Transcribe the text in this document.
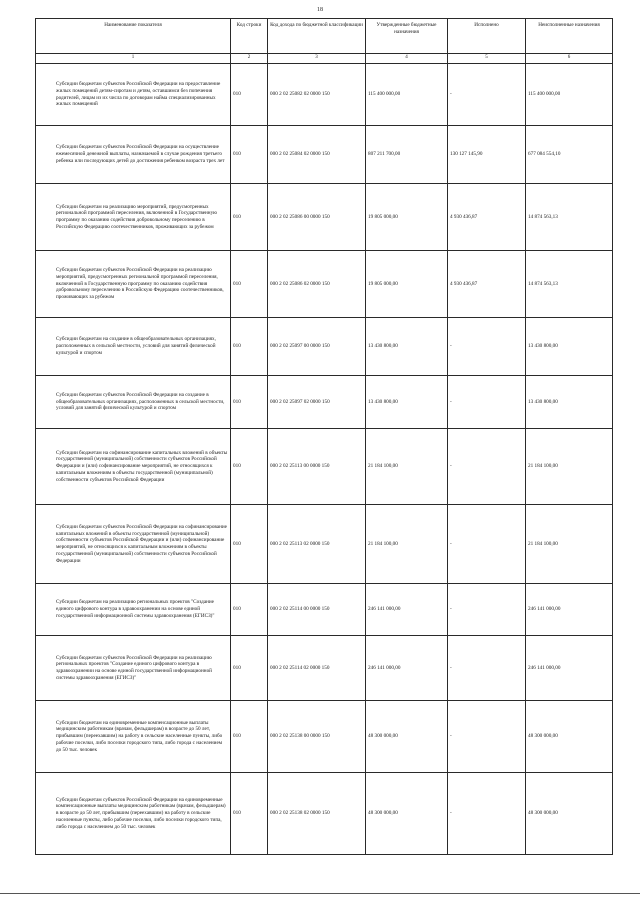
18
Наименование показателя	Код строки	Код дохода по бюджетной классификации	Утвержденные бюджетные назначения	Исполнено	Неисполненные назначения
1	2	3	4	5	6

Субсидии бюджетам субъектов Российской Федерации на предоставление жилых помещений детям-сиротам и детям, оставшимся без попечения родителей, лицам из их числа по договорам найма специализированных жилых помещений	010	000 2 02 25082 02 0000 150	115 400 000,00	-	115 400 000,00

Субсидии бюджетам субъектов Российской Федерации на осуществление ежемесячной денежной выплаты, назначаемой в случае рождения третьего ребенка или последующих детей до достижения ребенком возраста трех лет	010	000 2 02 25084 02 0000 150	807 211 700,00	130 127 145,90	677 084 554,10

Субсидии бюджетам на реализацию мероприятий, предусмотренных региональной программой переселения, включенной в Государственную программу по оказанию содействия добровольному переселению в Российскую Федерацию соотечественников, проживающих за рубежом	010	000 2 02 25086 00 0000 150	19 805 000,00	4 930 436,87	14 874 563,13

Субсидии бюджетам субъектов Российской Федерации на реализацию мероприятий, предусмотренных региональной программой переселения, включенной в Государственную программу по оказанию содействия добровольному переселению в Российскую Федерацию соотечественников, проживающих за рубежом	010	000 2 02 25086 02 0000 150	19 805 000,00	4 930 436,87	14 874 563,13

Субсидии бюджетам на создание в общеобразовательных организациях, расположенных в сельской местности, условий для занятий физической культурой и спортом	010	000 2 02 25097 00 0000 150	13 430 800,00	-	13 430 800,00

Субсидии бюджетам субъектов Российской Федерации на создание в общеобразовательных организациях, расположенных в сельской местности, условий для занятий физической культурой и спортом	010	000 2 02 25097 02 0000 150	13 430 800,00	-	13 430 800,00

Субсидии бюджетам на софинансирование капитальных вложений в объекты государственной (муниципальной) собственности субъектов Российской Федерации и (или) софинансирование мероприятий, не относящихся к капитальным вложениям в объекты государственной (муниципальной) собственности субъектов Российской Федерации	010	000 2 02 25113 00 0000 150	21 184 100,00	-	21 184 100,00

Субсидии бюджетам субъектов Российской Федерации на софинансирование капитальных вложений в объекты государственной (муниципальной) собственности субъектов Российской Федерации и (или) софинансирование мероприятий, не относящихся к капитальным вложениям в объекты государственной (муниципальной) собственности субъектов Российской Федерации	010	000 2 02 25113 02 0000 150	21 184 100,00	-	21 184 100,00

Субсидии бюджетам на реализацию региональных проектов "Создание единого цифрового контура в здравоохранении на основе единой государственной информационной системы здравоохранения (ЕГИСЗ)"	010	000 2 02 25114 00 0000 150	246 141 000,00	-	246 141 000,00

Субсидии бюджетам субъектов Российской Федерации на реализацию региональных проектов "Создание единого цифрового контура в здравоохранении на основе единой государственной информационной системы здравоохранения (ЕГИСЗ)"	010	000 2 02 25114 02 0000 150	246 141 000,00	-	246 141 000,00

Субсидии бюджетам на единовременные компенсационные выплаты медицинским работникам (врачам, фельдшерам) в возрасте до 50 лет, прибывшим (переехавшим) на работу в сельские населенные пункты, либо рабочие поселки, либо поселки городского типа, либо города с населением до 50 тыс. человек	010	000 2 02 25138 00 0000 150	48 300 000,00	-	48 300 000,00

Субсидии бюджетам субъектов Российской Федерации на единовременные компенсационные выплаты медицинским работникам (врачам, фельдшерам) в возрасте до 50 лет, прибывшим (переехавшим) на работу в сельские населенные пункты, либо рабочие поселки, либо поселки городского типа, либо города с населением до 50 тыс. человек	010	000 2 02 25138 02 0000 150	48 300 000,00	-	48 300 000,00
